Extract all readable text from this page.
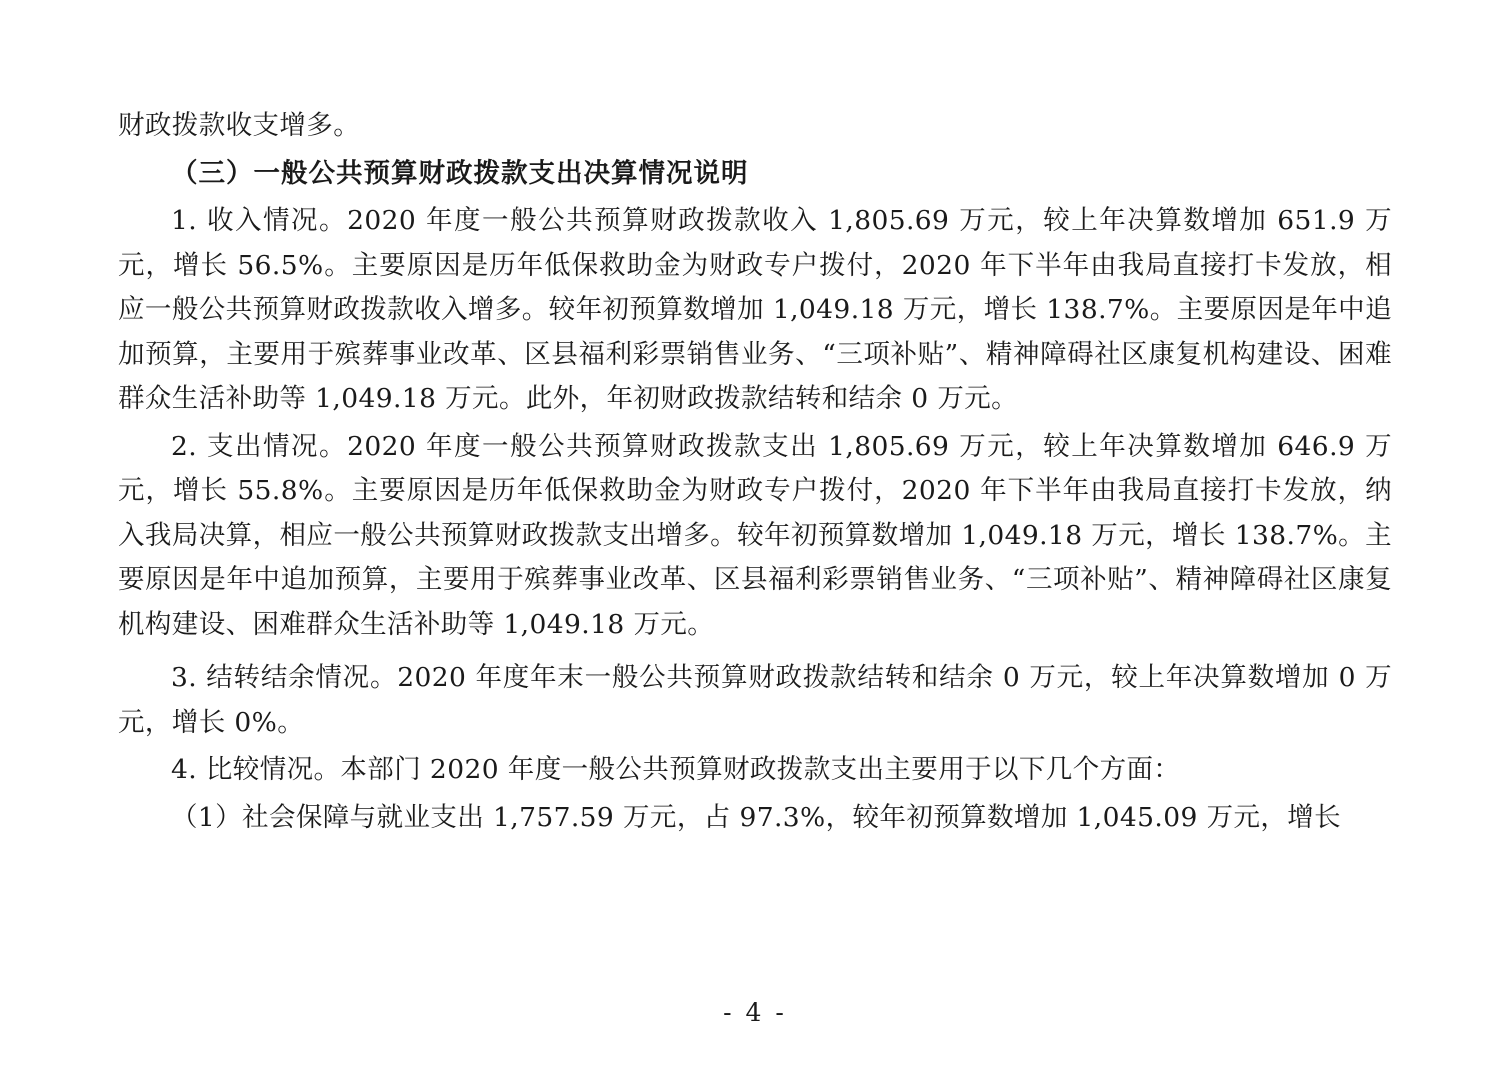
财政拨款收支增多。

（三）一般公共预算财政拨款支出决算情况说明

1. 收入情况。2020 年度一般公共预算财政拨款收入 1,805.69 万元，较上年决算数增加 651.9 万元，增长 56.5%。主要原因是历年低保救助金为财政专户拨付，2020 年下半年由我局直接打卡发放，相应一般公共预算财政拨款收入增多。较年初预算数增加 1,049.18 万元，增长 138.7%。主要原因是年中追加预算，主要用于殡葬事业改革、区县福利彩票销售业务、“三项补贴”、精神障碍社区康复机构建设、困难群众生活补助等 1,049.18 万元。此外，年初财政拨款结转和结余 0 万元。

2. 支出情况。2020 年度一般公共预算财政拨款支出 1,805.69 万元，较上年决算数增加 646.9 万元，增长 55.8%。主要原因是历年低保救助金为财政专户拨付，2020 年下半年由我局直接打卡发放，纳入我局决算，相应一般公共预算财政拨款支出增多。较年初预算数增加 1,049.18 万元，增长 138.7%。主要原因是年中追加预算，主要用于殡葬事业改革、区县福利彩票销售业务、“三项补贴”、精神障碍社区康复机构建设、困难群众生活补助等 1,049.18 万元。

3. 结转结余情况。2020 年度年末一般公共预算财政拨款结转和结余 0 万元，较上年决算数增加 0 万元，增长 0%。

4. 比较情况。本部门 2020 年度一般公共预算财政拨款支出主要用于以下几个方面：

（1）社会保障与就业支出 1,757.59 万元，占 97.3%，较年初预算数增加 1,045.09 万元，增长

- 4 -
